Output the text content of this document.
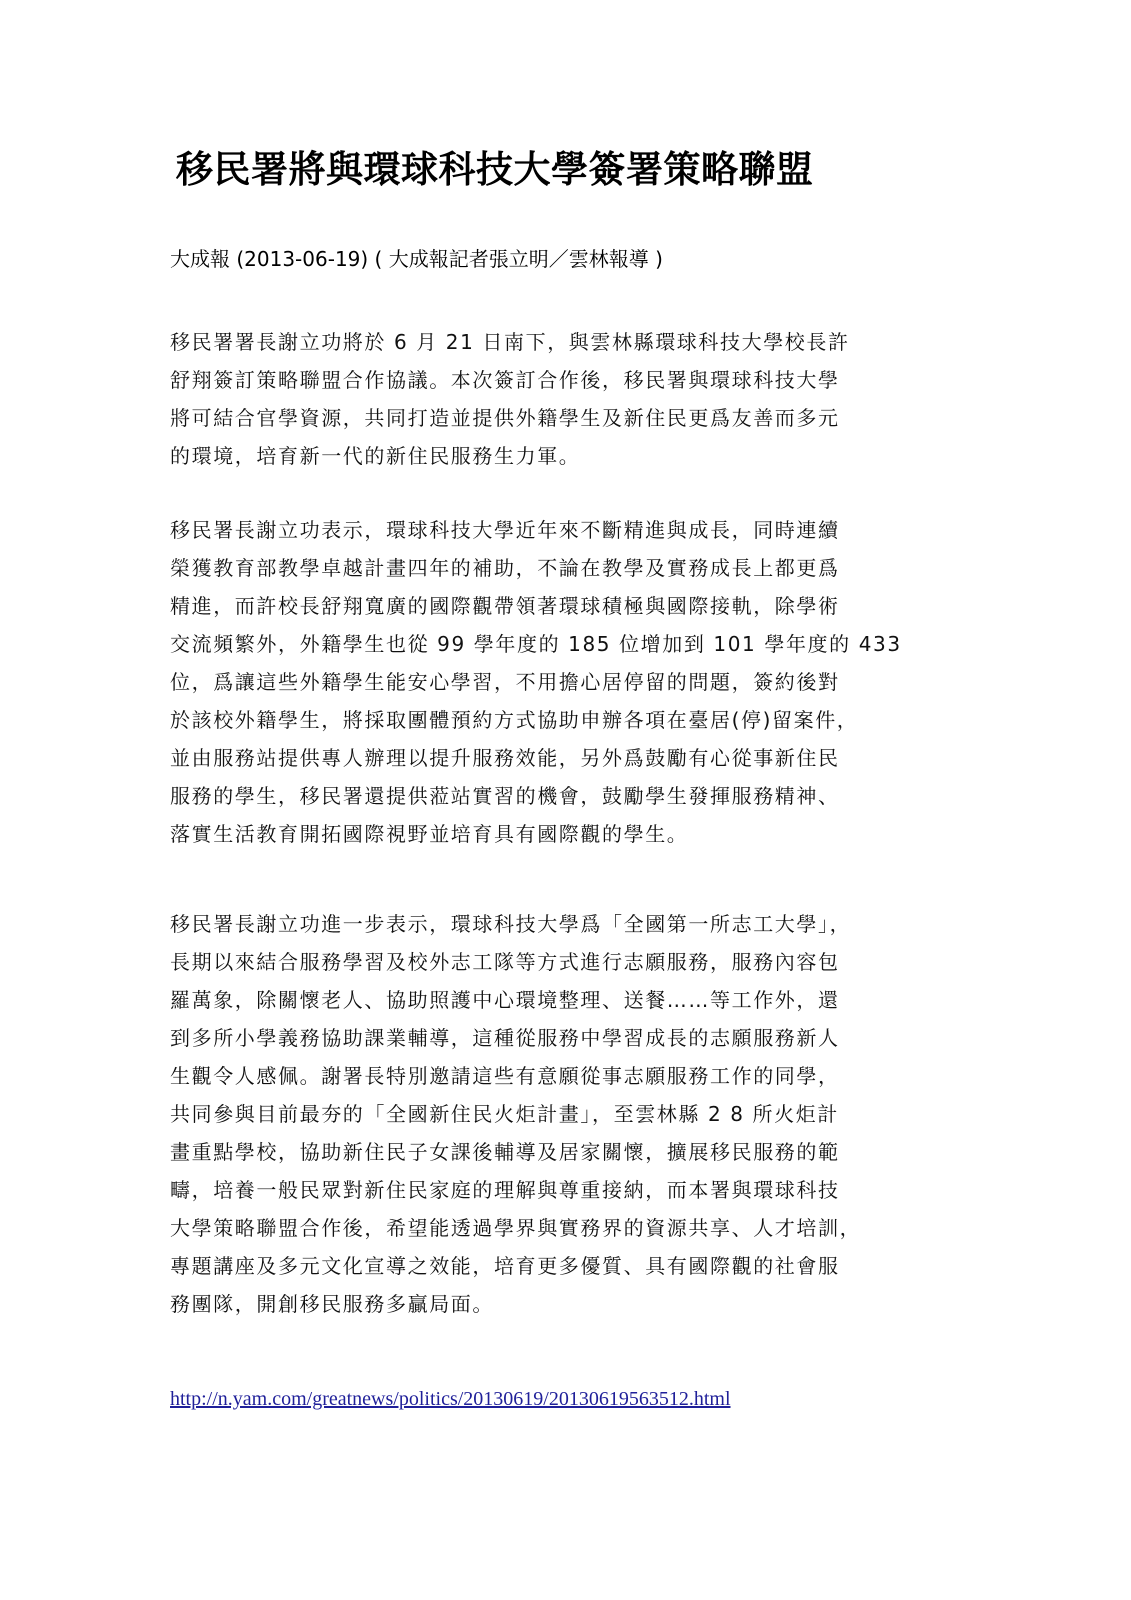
移民署將與環球科技大學簽署策略聯盟
大成報 (2013-06-19) ( 大成報記者張立明／雲林報導 )
移民署署長謝立功將於 6 月 21 日南下，與雲林縣環球科技大學校長許
舒翔簽訂策略聯盟合作協議。本次簽訂合作後，移民署與環球科技大學
將可結合官學資源，共同打造並提供外籍學生及新住民更爲友善而多元
的環境，培育新一代的新住民服務生力軍。
移民署長謝立功表示，環球科技大學近年來不斷精進與成長，同時連續
榮獲教育部教學卓越計畫四年的補助，不論在教學及實務成長上都更爲
精進，而許校長舒翔寬廣的國際觀帶領著環球積極與國際接軌，除學術
交流頻繁外，外籍學生也從 99 學年度的 185 位增加到 101 學年度的 433
位，爲讓這些外籍學生能安心學習，不用擔心居停留的問題，簽約後對
於該校外籍學生，將採取團體預約方式協助申辦各項在臺居(停)留案件，
並由服務站提供專人辦理以提升服務效能，另外爲鼓勵有心從事新住民
服務的學生，移民署還提供蒞站實習的機會，鼓勵學生發揮服務精神、
落實生活教育開拓國際視野並培育具有國際觀的學生。
移民署長謝立功進一步表示，環球科技大學爲「全國第一所志工大學」，
長期以來結合服務學習及校外志工隊等方式進行志願服務，服務內容包
羅萬象，除關懷老人、協助照護中心環境整理、送餐……等工作外，還
到多所小學義務協助課業輔導，這種從服務中學習成長的志願服務新人
生觀令人感佩。謝署長特別邀請這些有意願從事志願服務工作的同學，
共同參與目前最夯的「全國新住民火炬計畫」，至雲林縣 2 8 所火炬計
畫重點學校，協助新住民子女課後輔導及居家關懷，擴展移民服務的範
疇，培養一般民眾對新住民家庭的理解與尊重接納，而本署與環球科技
大學策略聯盟合作後，希望能透過學界與實務界的資源共享、人才培訓，
專題講座及多元文化宣導之效能，培育更多優質、具有國際觀的社會服
務團隊，開創移民服務多贏局面。
http://n.yam.com/greatnews/politics/20130619/20130619563512.html
